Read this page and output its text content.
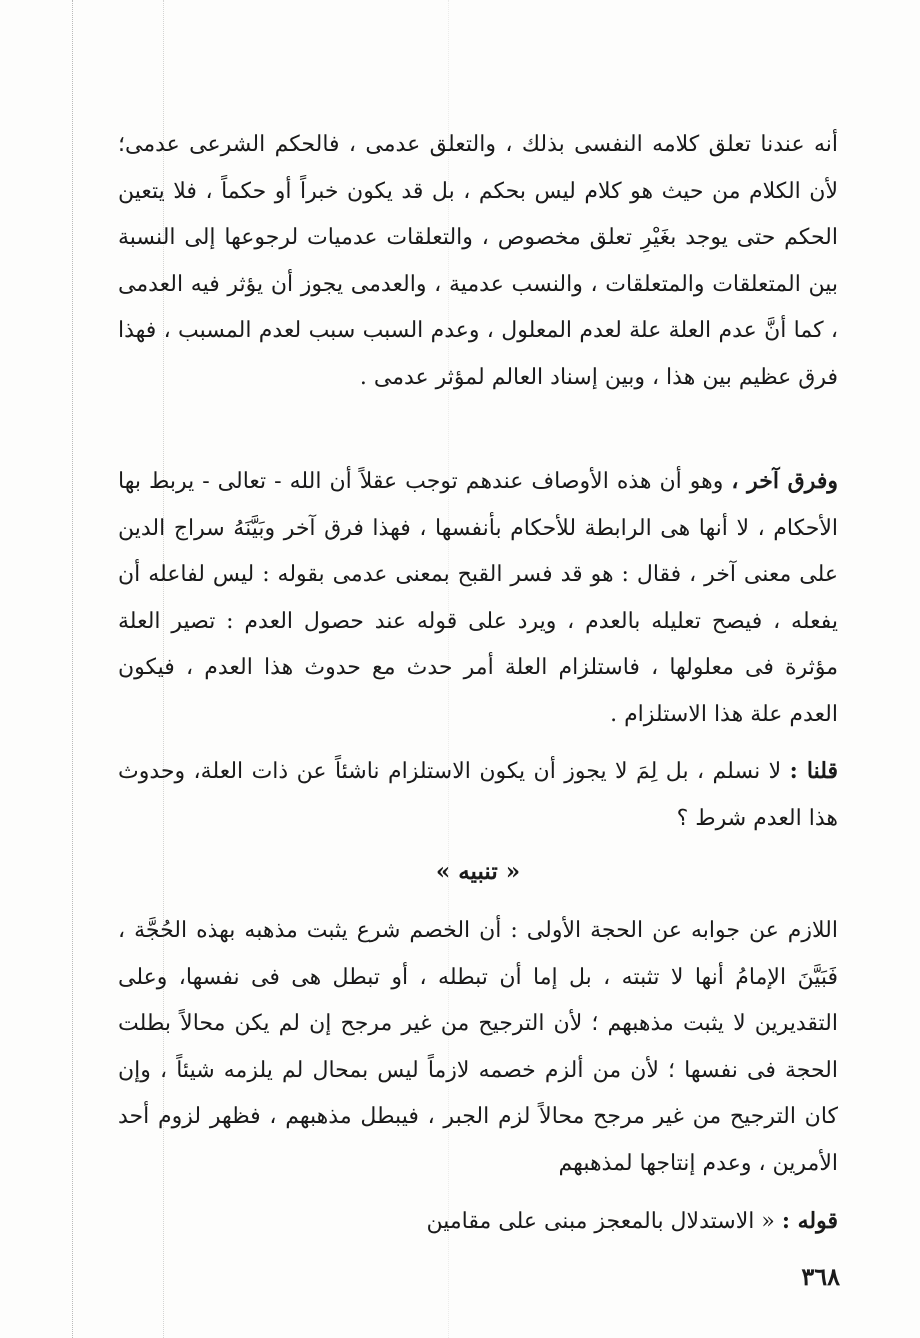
أنه عندنا تعلق كلامه النفسى بذلك ، والتعلق عدمى ، فالحكم الشرعى عدمى؛ لأن الكلام من حيث هو كلام ليس بحكم ، بل قد يكون خبراً أو حكماً ، فلا يتعين الحكم حتى يوجد بغَيْرِ تعلق مخصوص ، والتعلقات عدميات لرجوعها إلى النسبة بين المتعلقات والمتعلقات ، والنسب عدمية ، والعدمى يجوز أن يؤثر فيه العدمى ، كما أنَّ عدم العلة علة لعدم المعلول ، وعدم السبب سبب لعدم المسبب ، فهذا فرق عظيم بين هذا ، وبين إسناد العالم لمؤثر عدمى .

وفرق آخر ، وهو أن هذه الأوصاف عندهم توجب عقلاً أن الله - تعالى - يربط بها الأحكام ، لا أنها هى الرابطة للأحكام بأنفسها ، فهذا فرق آخر وبَيَّنَهُ سراج الدين على معنى آخر ، فقال : هو قد فسر القبح بمعنى عدمى بقوله : ليس لفاعله أن يفعله ، فيصح تعليله بالعدم ، ويرد على قوله عند حصول العدم : تصير العلة مؤثرة فى معلولها ، فاستلزام العلة أمر حدث مع حدوث هذا العدم ، فيكون العدم علة هذا الاستلزام .

قلنا : لا نسلم ، بل لِمَ لا يجوز أن يكون الاستلزام ناشئاً عن ذات العلة، وحدوث هذا العدم شرط ؟

« تنبيه »

اللازم عن جوابه عن الحجة الأولى : أن الخصم شرع يثبت مذهبه بهذه الحُجَّة ، فَبَيَّنَ الإمامُ أنها لا تثبته ، بل إما أن تبطله ، أو تبطل هى فى نفسها، وعلى التقديرين لا يثبت مذهبهم ؛ لأن الترجيح من غير مرجح إن لم يكن محالاً بطلت الحجة فى نفسها ؛ لأن من ألزم خصمه لازماً ليس بمحال لم يلزمه شيئاً ، وإن كان الترجيح من غير مرجح محالاً لزم الجبر ، فيبطل مذهبهم ، فظهر لزوم أحد الأمرين ، وعدم إنتاجها لمذهبهم

قوله : « الاستدلال بالمعجز مبنى على مقامين

٣٦٨
